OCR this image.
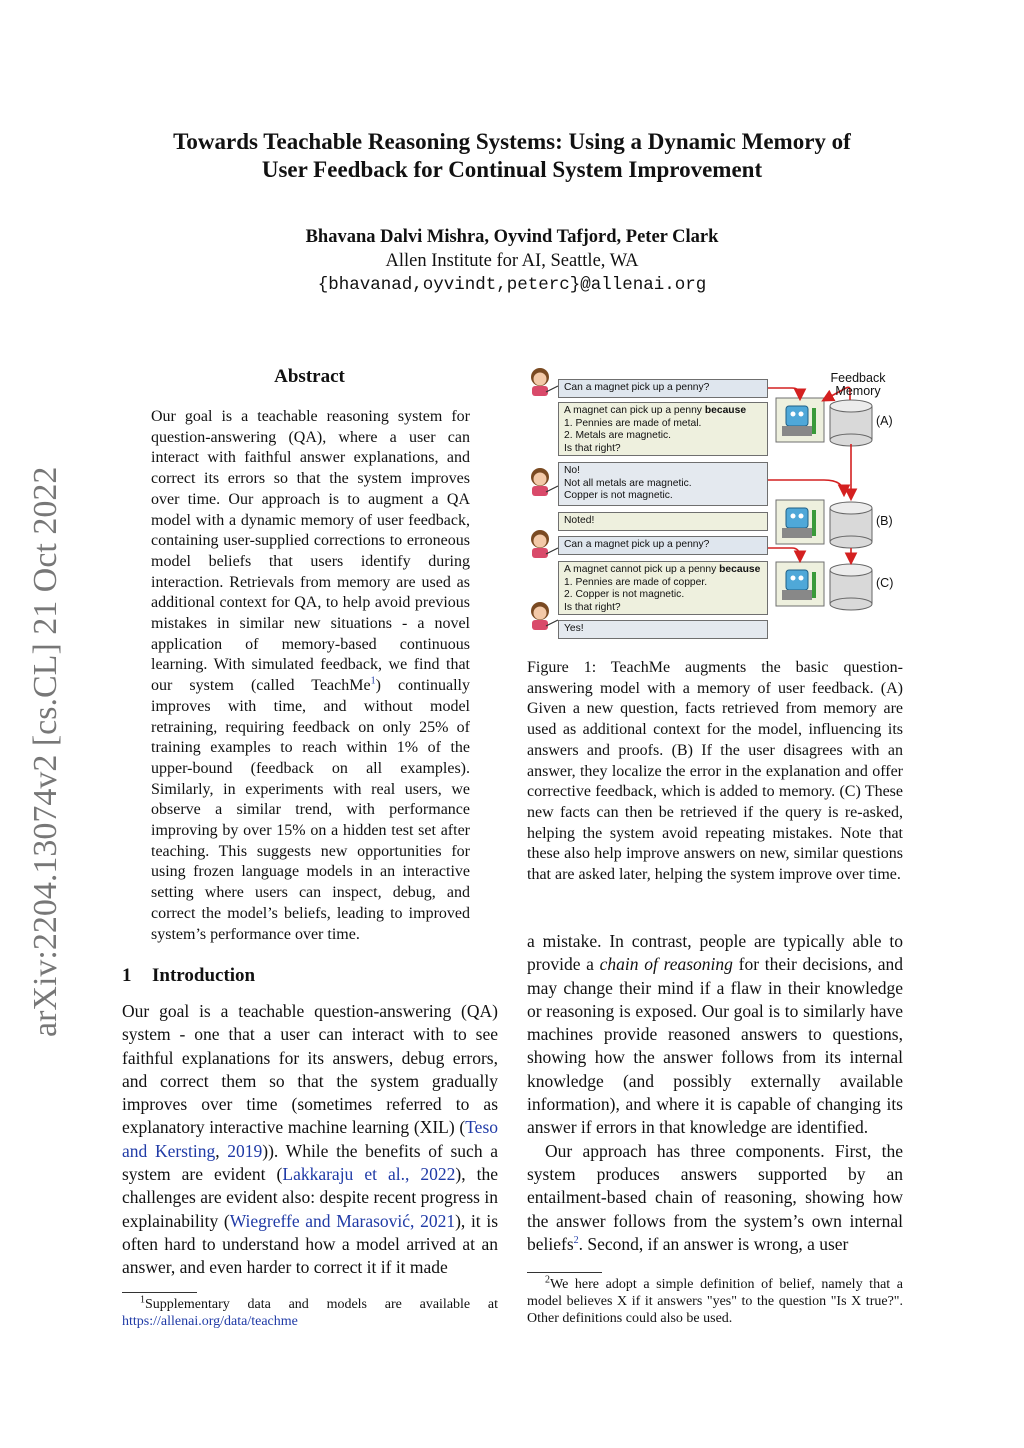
Towards Teachable Reasoning Systems: Using a Dynamic Memory of
User Feedback for Continual System Improvement
Bhavana Dalvi Mishra, Oyvind Tafjord, Peter Clark
Allen Institute for AI, Seattle, WA
{bhavanad,oyvindt,peterc}@allenai.org
arXiv:2204.13074v2 [cs.CL] 21 Oct 2022
Abstract
Our goal is a teachable reasoning system for question-answering (QA), where a user can interact with faithful answer explanations, and correct its errors so that the system improves over time. Our approach is to augment a QA model with a dynamic memory of user feedback, containing user-supplied corrections to erroneous model beliefs that users identify during interaction. Retrievals from memory are used as additional context for QA, to help avoid previous mistakes in similar new situations - a novel application of memory-based continuous learning. With simulated feedback, we find that our system (called TeachMe$^1$) continually improves with time, and without model retraining, requiring feedback on only 25% of training examples to reach within 1% of the upper-bound (feedback on all examples). Similarly, in experiments with real users, we observe a similar trend, with performance improving by over 15% on a hidden test set after teaching. This suggests new opportunities for using frozen language models in an interactive setting where users can inspect, debug, and correct the model’s beliefs, leading to improved system’s performance over time.
1 Introduction

Our goal is a teachable question-answering (QA) system - one that a user can interact with to see faithful explanations for its answers, debug errors, and correct them so that the system gradually improves over time (sometimes referred to as explanatory interactive machine learning (XIL) (Teso and Kersting, 2019)). While the benefits of such a system are evident (Lakkaraju et al., 2022), the challenges are evident also: despite recent progress in explainability (Wiegreffe and Marasović, 2021), it is often hard to understand how a model arrived at an answer, and even harder to correct it if it made

$^1$Supplementary data and models are available at https://allenai.org/data/teachme
Feedback
Memory
(A)
(B)
(C)
Can a magnet pick up a penny?
A magnet can pick up a penny because
1. Pennies are made of metal.
2. Metals are magnetic.
Is that right?
No!
Not all metals are magnetic.
Copper is not magnetic.
Noted!
Can a magnet pick up a penny?
A magnet cannot pick up a penny because
1. Pennies are made of copper.
2. Copper is not magnetic.
Is that right?
Yes!
Figure 1: TeachMe augments the basic question-answering model with a memory of user feedback. (A) Given a new question, facts retrieved from memory are used as additional context for the model, influencing its answers and proofs. (B) If the user disagrees with an answer, they localize the error in the explanation and offer corrective feedback, which is added to memory. (C) These new facts can then be retrieved if the query is re-asked, helping the system avoid repeating mistakes. Note that these also help improve answers on new, similar questions that are asked later, helping the system improve over time.

a mistake. In contrast, people are typically able to provide a chain of reasoning for their decisions, and may change their mind if a flaw in their knowledge or reasoning is exposed. Our goal is to similarly have machines provide reasoned answers to questions, showing how the answer follows from its internal knowledge (and possibly externally available information), and where it is capable of changing its answer if errors in that knowledge are identified.

Our approach has three components. First, the system produces answers supported by an entailment-based chain of reasoning, showing how the answer follows from the system’s own internal beliefs$^2$. Second, if an answer is wrong, a user

$^2$We here adopt a simple definition of belief, namely that a model believes X if it answers "yes" to the question "Is X true?". Other definitions could also be used.
